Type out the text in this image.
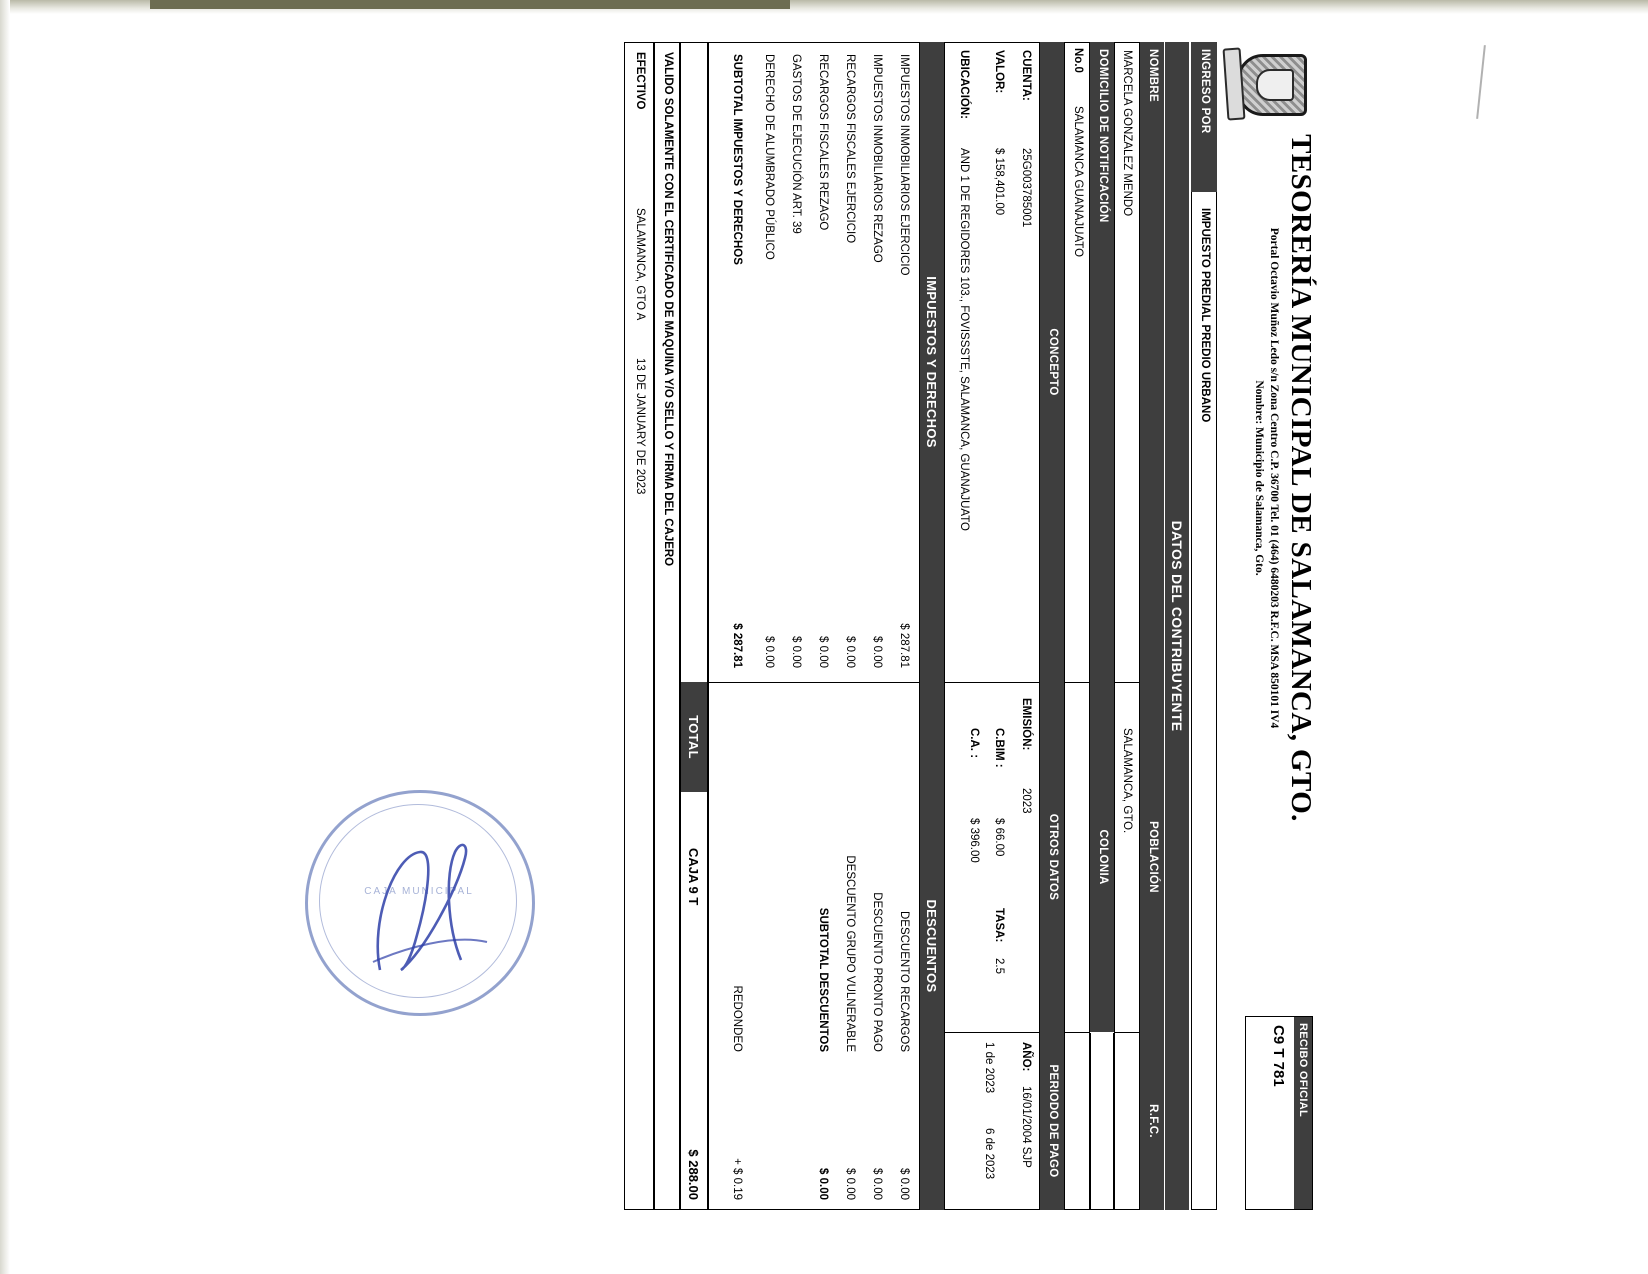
TESORERÍA MUNICIPAL DE SALAMANCA, GTO.
Portal Octavio Muñoz Ledo s/n Zona Centro C.P. 36700 Tel. 01 (464) 6480203 R.F.C. MSA 850101 IV4
Nombre: Municipio de Salamanca, Gto.
RECIBO OFICIAL
C9 T 781
INGRESO POR
IMPUESTO PREDIAL PREDIO URBANO
DATOS DEL CONTRIBUYENTE
NOMBRE
POBLACIÓN
R.F.C.
MARCELA GONZALEZ MENDO
SALAMANCA, GTO.
DOMICILIO DE NOTIFICACIÓN
COLONIA
No.0
SALAMANCA GUANAJUATO
CONCEPTO
OTROS DATOS
PERIODO DE PAGO
CUENTA:
25G003785001
VALOR:
$ 158,401.00
UBICACIÓN:
AND 1 DE REGIDORES 103., FOVISSSTE, SALAMANCA, GUANAJUATO
EMISIÓN:
2023
C.BIM :
$ 66.00
C.A. :
$ 396.00
TASA:
2.5
AÑO:
16/01/2004 SJP
1 de 2023
6 de 2023
IMPUESTOS Y DERECHOS
DESCUENTOS
IMPUESTOS INMOBILIARIOS EJERCICIO
$ 287.81
IMPUESTOS INMOBILIARIOS REZAGO
$ 0.00
RECARGOS FISCALES EJERCICIO
$ 0.00
RECARGOS FISCALES REZAGO
$ 0.00
GASTOS DE EJECUCIÓN ART. 39
$ 0.00
DERECHO DE ALUMBRADO PÚBLICO
$ 0.00
SUBTOTAL IMPUESTOS Y DERECHOS
$ 287.81
DESCUENTO RECARGOS
$ 0.00
DESCUENTO PRONTO PAGO
$ 0.00
DESCUENTO GRUPO VULNERABLE
$ 0.00
SUBTOTAL DESCUENTOS
$ 0.00
REDONDEO
+ $ 0.19
TOTAL
CAJA 9 T
$ 288.00
VALIDO SOLAMENTE CON EL CERTIFICADO DE MAQUINA Y/O SELLO Y FIRMA DEL CAJERO
EFECTIVO
SALAMANCA, GTO A
13 DE JANUARY DE 2023
CAJA MUNICIPAL
